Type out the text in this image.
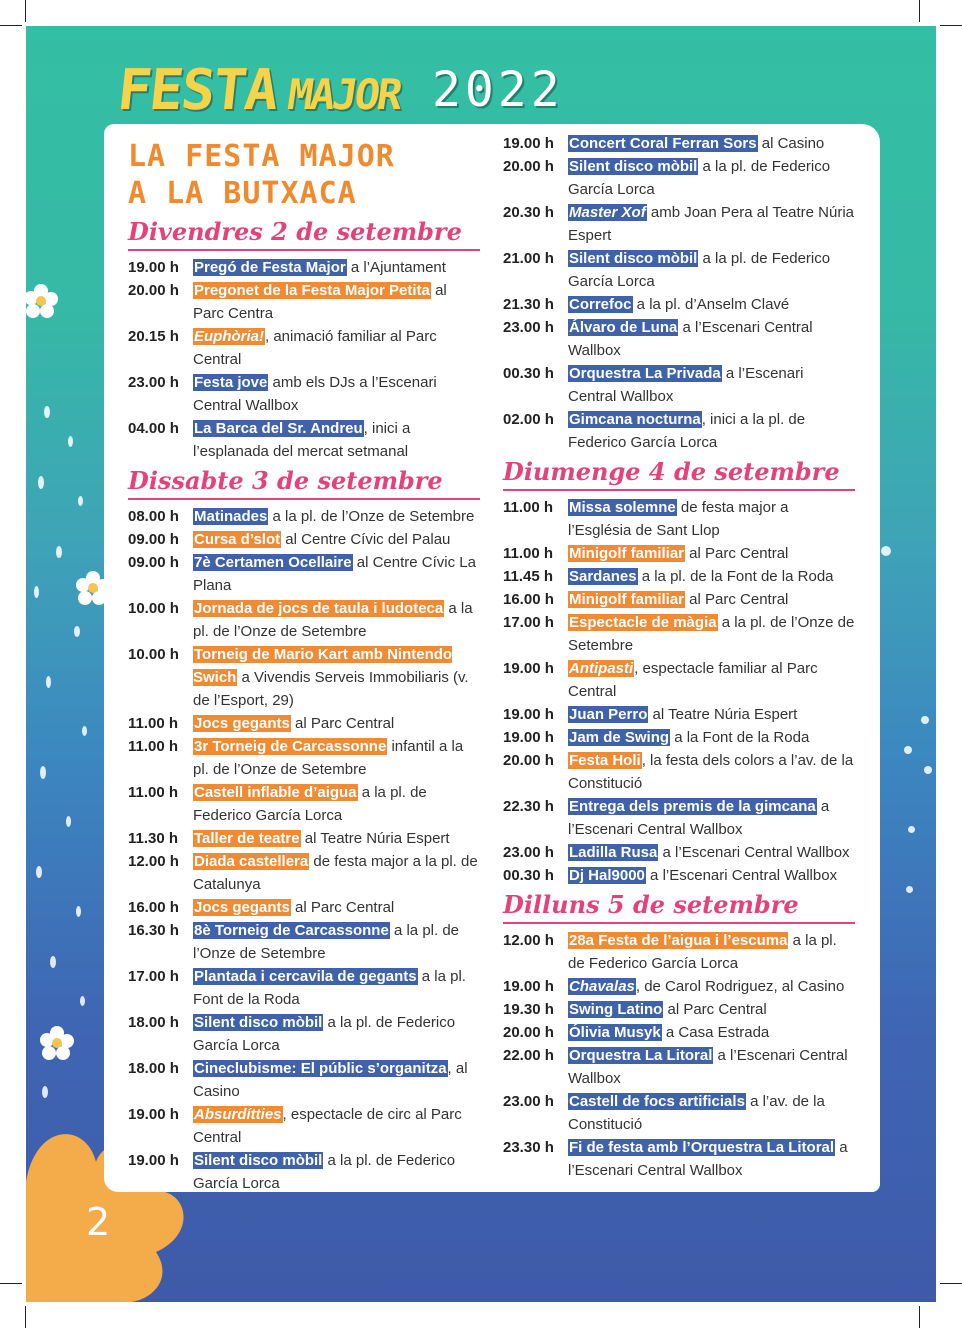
2
FESTA MAJOR 2022
LA FESTA MAJOR
A LA BUTXACA
Divendres 2 de setembre
19.00 h	Pregó de Festa Major a l’Ajuntament
20.00 h	Pregonet de la Festa Major Petita al Parc Centra
20.15 h	Euphòria!, animació familiar al Parc Central
23.00 h	Festa jove amb els DJs a l’Escenari Central Wallbox
04.00 h	La Barca del Sr. Andreu, inici a l’esplanada del mercat setmanal
Dissabte 3 de setembre
08.00 h	Matinades a la pl. de l’Onze de Setembre
09.00 h	Cursa d’slot al Centre Cívic del Palau
09.00 h	7è Certamen Ocellaire al Centre Cívic La Plana
10.00 h	Jornada de jocs de taula i ludoteca a la pl. de l’Onze de Setembre
10.00 h	Torneig de Mario Kart amb Nintendo Swich a Vivendis Serveis Immobiliaris (v. de l’Esport, 29)
11.00 h	Jocs gegants al Parc Central
11.00 h	3r Torneig de Carcassonne infantil a la pl. de l’Onze de Setembre
11.00 h	Castell inflable d’aigua a la pl. de Federico García Lorca
11.30 h	Taller de teatre al Teatre Núria Espert
12.00 h	Diada castellera de festa major a la pl. de Catalunya
16.00 h	Jocs gegants al Parc Central
16.30 h	8è Torneig de Carcassonne a la pl. de l’Onze de Setembre
17.00 h	Plantada i cercavila de gegants a la pl. Font de la Roda
18.00 h	Silent disco mòbil a la pl. de Federico García Lorca
18.00 h	Cineclubisme: El públic s’organitza, al Casino
19.00 h	Absurdítties, espectacle de circ al Parc Central
19.00 h	Silent disco mòbil a la pl. de Federico García Lorca
19.00 h	Concert Coral Ferran Sors al Casino
20.00 h	Silent disco mòbil a la pl. de Federico García Lorca
20.30 h	Master Xof amb Joan Pera al Teatre Núria Espert
21.00 h	Silent disco mòbil a la pl. de Federico García Lorca
21.30 h	Correfoc a la pl. d’Anselm Clavé
23.00 h	Álvaro de Luna a l’Escenari Central Wallbox
00.30 h	Orquestra La Privada a l’Escenari Central Wallbox
02.00 h	Gimcana nocturna, inici a la pl. de Federico García Lorca
Diumenge 4 de setembre
11.00 h	Missa solemne de festa major a l’Església de Sant Llop
11.00 h	Minigolf familiar al Parc Central
11.45 h	Sardanes a la pl. de la Font de la Roda
16.00 h	Minigolf familiar al Parc Central
17.00 h	Espectacle de màgia a la pl. de l’Onze de Setembre
19.00 h	Antipasti, espectacle familiar al Parc Central
19.00 h	Juan Perro al Teatre Núria Espert
19.00 h	Jam de Swing a la Font de la Roda
20.00 h	Festa Holi, la festa dels colors a l’av. de la Constitució
22.30 h	Entrega dels premis de la gimcana a l’Escenari Central Wallbox
23.00 h	Ladilla Rusa a l’Escenari Central Wallbox
00.30 h	Dj Hal9000 a l’Escenari Central Wallbox
Dilluns 5 de setembre
12.00 h	28a Festa de l’aigua i l’escuma a la pl. de Federico García Lorca
19.00 h	Chavalas, de Carol Rodriguez, al Casino
19.30 h	Swing Latino al Parc Central
20.00 h	Ólivia Musyk a Casa Estrada
22.00 h	Orquestra La Litoral a l’Escenari Central Wallbox
23.00 h	Castell de focs artificials a l’av. de la Constitució
23.30 h	Fi de festa amb l’Orquestra La Litoral a l’Escenari Central Wallbox
